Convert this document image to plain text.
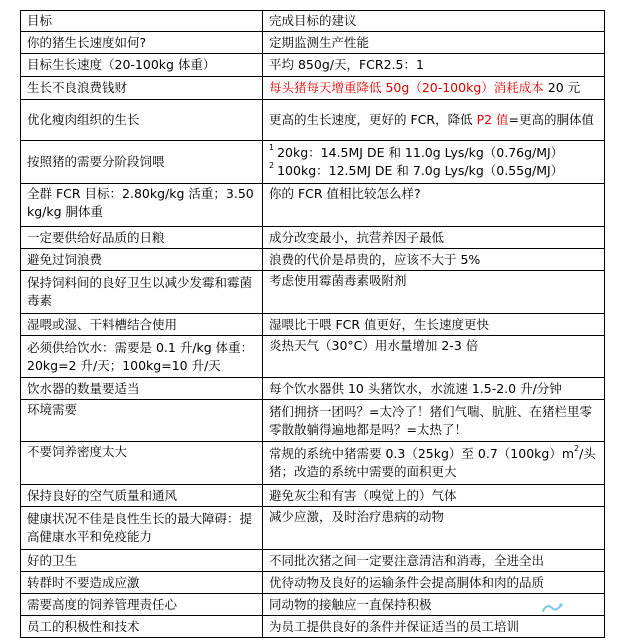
目标	完成目标的建议
你的猪生长速度如何?	定期监测生产性能
目标生长速度（20-100kg 体重）	平均 850g/天，FCR2.5：1
生长不良浪费钱财	每头猪每天增重降低 50g（20-100kg）消耗成本 20 元
优化瘦肉组织的生长	更高的生长速度，更好的 FCR，降低 P2 值=更高的胴体值
按照猪的需要分阶段饲喂	$^1$ 20kg：14.5MJ DE 和 11.0g Lys/kg（0.76g/MJ）
$^2$ 100kg：12.5MJ DE 和 7.0g Lys/kg（0.55g/MJ）

全群 FCR 目标：2.80kg/kg 活重；3.50kg/kg 胴体重	你的 FCR 值相比较怎么样?
一定要供给好品质的日粮	成分改变最小，抗营养因子最低
避免过饲浪费	浪费的代价是昂贵的，应该不大于 5%
保持饲料间的良好卫生以减少发霉和霉菌毒素	考虑使用霉菌毒素吸附剂
湿喂或湿、干料槽结合使用	湿喂比干喂 FCR 值更好，生长速度更快
必须供给饮水：需要是 0.1 升/kg 体重：20kg=2 升/天；100kg=10 升/天	炎热天气（30°C）用水量增加 2-3 倍
饮水器的数量要适当	每个饮水器供 10 头猪饮水，水流速 1.5-2.0 升/分钟
环境需要	猪们拥挤一团吗？=太冷了！猪们气喘、肮脏、在猪栏里零零散散躺得遍地都是吗？=太热了！
不要饲养密度太大	常规的系统中猪需要 0.3（25kg）至 $0.7(100kg)m^2/$头猪；改造的系统中需要的面积更大
保持良好的空气质量和通风	避免灰尘和有害（嗅觉上的）气体
健康状况不佳是良性生长的最大障碍：提高健康水平和免疫能力	减少应激，及时治疗患病的动物
好的卫生	不同批次猪之间一定要注意清洁和消毒，全进全出
转群时不要造成应激	优待动物及良好的运输条件会提高胴体和肉的品质
需要高度的饲养管理责任心	同动物的接触应一直保持积极
员工的积极性和技术	为员工提供良好的条件并保证适当的员工培训
